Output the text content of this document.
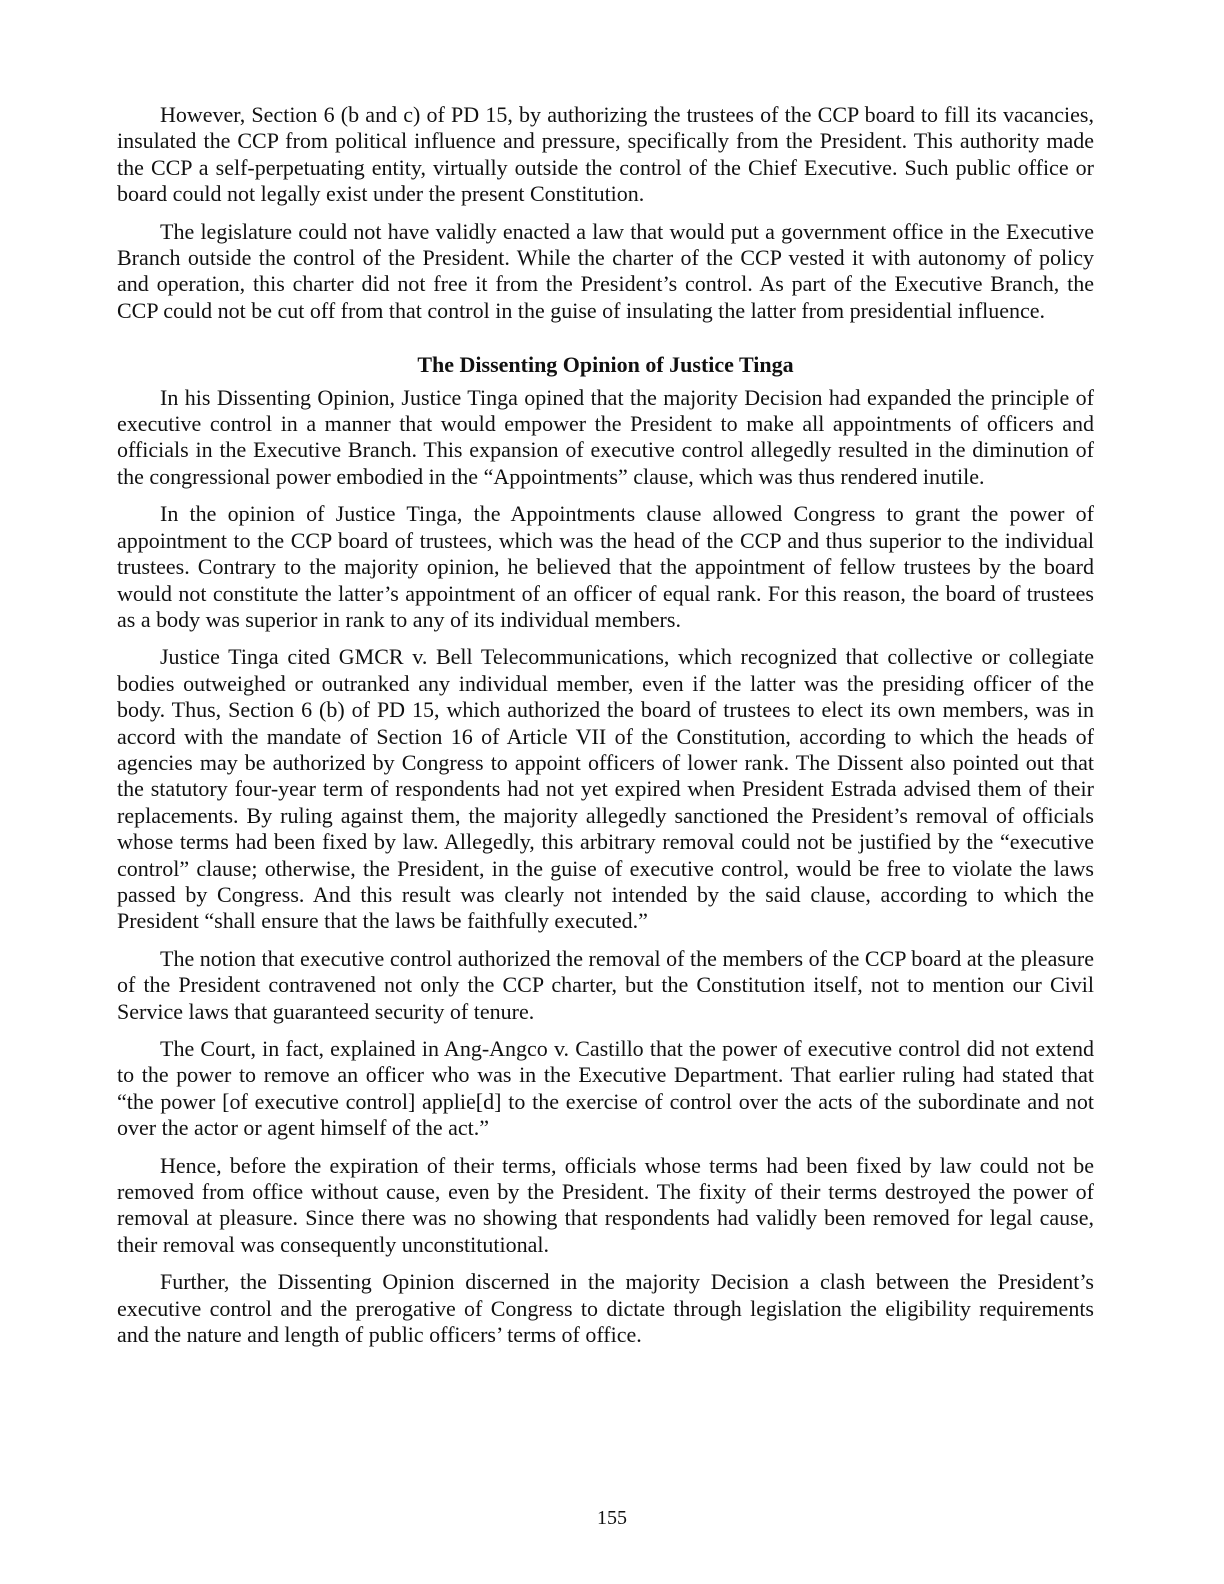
However, Section 6 (b and c) of PD 15, by authorizing the trustees of the CCP board to fill its vacancies, insulated the CCP from political influence and pressure, specifically from the President. This authority made the CCP a self-perpetuating entity, virtually outside the control of the Chief Executive. Such public office or board could not legally exist under the present Constitution.

The legislature could not have validly enacted a law that would put a government office in the Executive Branch outside the control of the President. While the charter of the CCP vested it with autonomy of policy and operation, this charter did not free it from the President’s control. As part of the Executive Branch, the CCP could not be cut off from that control in the guise of insulating the latter from presidential influence.

The Dissenting Opinion of Justice Tinga

In his Dissenting Opinion, Justice Tinga opined that the majority Decision had expanded the principle of executive control in a manner that would empower the President to make all appointments of officers and officials in the Executive Branch. This expansion of executive control allegedly resulted in the diminution of the congressional power embodied in the “Appointments” clause, which was thus rendered inutile.

In the opinion of Justice Tinga, the Appointments clause allowed Congress to grant the power of appointment to the CCP board of trustees, which was the head of the CCP and thus superior to the individual trustees. Contrary to the majority opinion, he believed that the appointment of fellow trustees by the board would not constitute the latter’s appointment of an officer of equal rank. For this reason, the board of trustees as a body was superior in rank to any of its individual members.

Justice Tinga cited GMCR v. Bell Telecommunications, which recognized that collective or collegiate bodies outweighed or outranked any individual member, even if the latter was the presiding officer of the body. Thus, Section 6 (b) of PD 15, which authorized the board of trustees to elect its own members, was in accord with the mandate of Section 16 of Article VII of the Constitution, according to which the heads of agencies may be authorized by Congress to appoint officers of lower rank. The Dissent also pointed out that the statutory four-year term of respondents had not yet expired when President Estrada advised them of their replacements. By ruling against them, the majority allegedly sanctioned the President’s removal of officials whose terms had been fixed by law. Allegedly, this arbitrary removal could not be justified by the “executive control” clause; otherwise, the President, in the guise of executive control, would be free to violate the laws passed by Congress. And this result was clearly not intended by the said clause, according to which the President “shall ensure that the laws be faithfully executed.”

The notion that executive control authorized the removal of the members of the CCP board at the pleasure of the President contravened not only the CCP charter, but the Constitution itself, not to mention our Civil Service laws that guaranteed security of tenure.

The Court, in fact, explained in Ang-Angco v. Castillo that the power of executive control did not extend to the power to remove an officer who was in the Executive Department. That earlier ruling had stated that “the power [of executive control] applie[d] to the exercise of control over the acts of the subordinate and not over the actor or agent himself of the act.”

Hence, before the expiration of their terms, officials whose terms had been fixed by law could not be removed from office without cause, even by the President. The fixity of their terms destroyed the power of removal at pleasure. Since there was no showing that respondents had validly been removed for legal cause, their removal was consequently unconstitutional.

Further, the Dissenting Opinion discerned in the majority Decision a clash between the President’s executive control and the prerogative of Congress to dictate through legislation the eligibility requirements and the nature and length of public officers’ terms of office.

155
